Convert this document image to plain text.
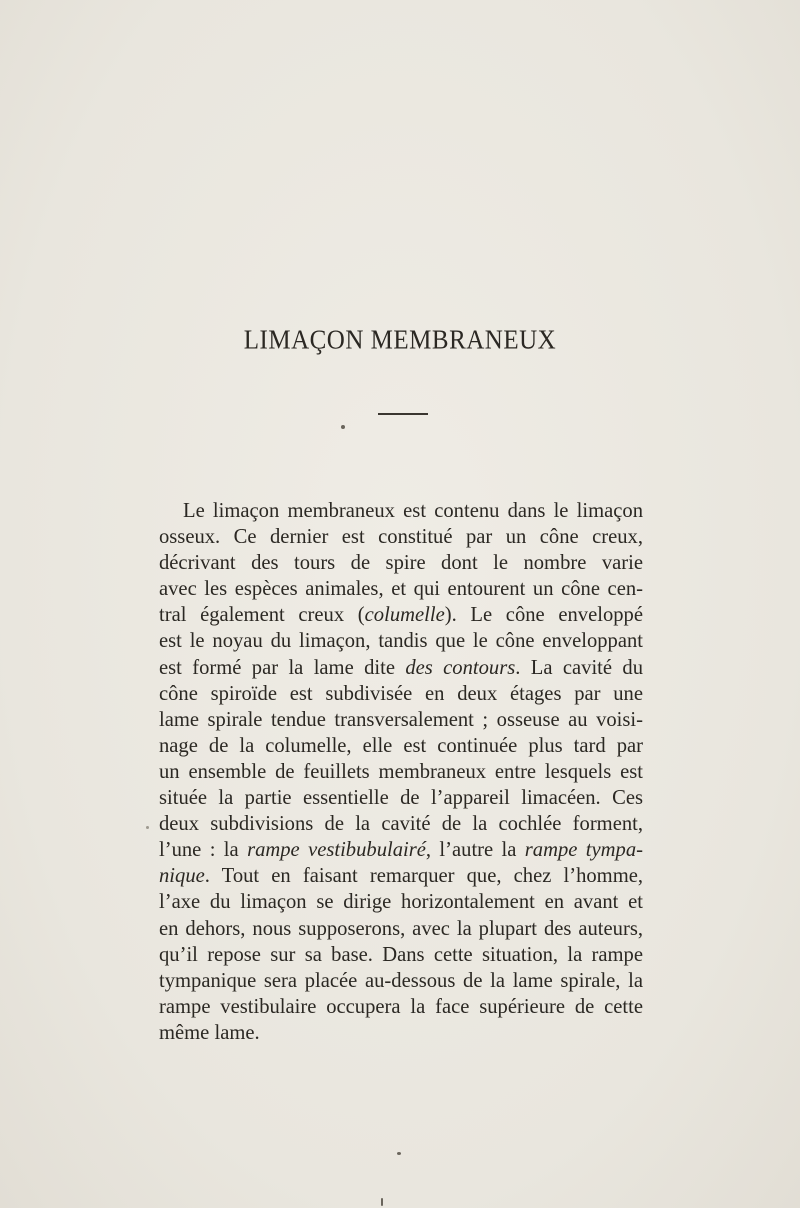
LIMAÇON MEMBRANEUX
Le limaçon membraneux est contenu dans le limaçon
osseux. Ce dernier est constitué par un cône creux,
décrivant des tours de spire dont le nombre varie
avec les espèces animales, et qui entourent un cône cen-
tral également creux (columelle). Le cône enveloppé
est le noyau du limaçon, tandis que le cône enveloppant
est formé par la lame dite des contours. La cavité du
cône spiroïde est subdivisée en deux étages par une
lame spirale tendue transversalement ; osseuse au voisi-
nage de la columelle, elle est continuée plus tard par
un ensemble de feuillets membraneux entre lesquels est
située la partie essentielle de l’appareil limacéen. Ces
deux subdivisions de la cavité de la cochlée forment,
l’une : la rampe vestibubulairé, l’autre la rampe tympa-
nique. Tout en faisant remarquer que, chez l’homme,
l’axe du limaçon se dirige horizontalement en avant et
en dehors, nous supposerons, avec la plupart des auteurs,
qu’il repose sur sa base. Dans cette situation, la rampe
tympanique sera placée au-dessous de la lame spirale, la
rampe vestibulaire occupera la face supérieure de cette
même lame.
